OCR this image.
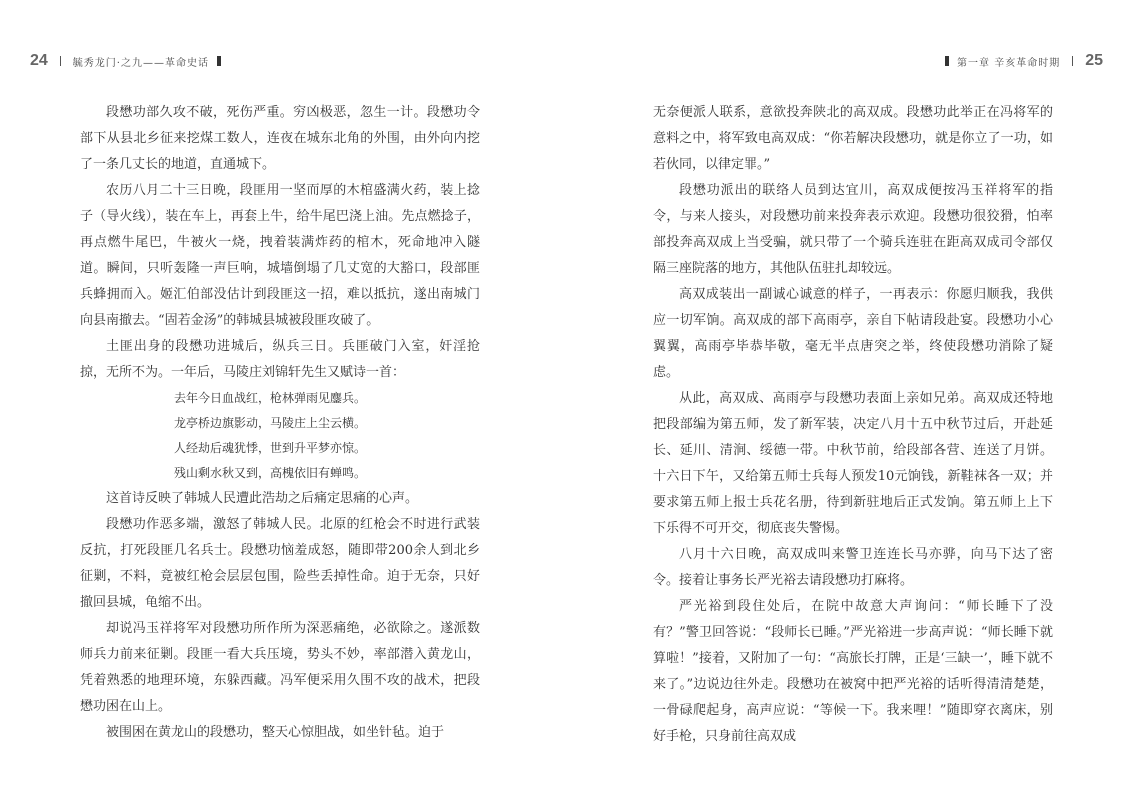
24	毓秀龙门·之九——革命史话	第一章 辛亥革命时期 25

段懋功部久攻不破，死伤严重。穷凶极恶，忽生一计。段懋功令部下从县北乡征来挖煤工数人，连夜在城东北角的外围，由外向内挖了一条几丈长的地道，直通城下。

农历八月二十三日晚，段匪用一坚而厚的木棺盛满火药，装上捻子（导火线），装在车上，再套上牛，给牛尾巴浇上油。先点燃捻子，再点燃牛尾巴，牛被火一烧，拽着装满炸药的棺木，死命地冲入隧道。瞬间，只听轰隆一声巨响，城墙倒塌了几丈宽的大豁口，段部匪兵蜂拥而入。姬汇伯部没估计到段匪这一招，难以抵抗，遂出南城门向县南撤去。“固若金汤”的韩城县城被段匪攻破了。

土匪出身的段懋功进城后，纵兵三日。兵匪破门入室，奸淫抢掠，无所不为。一年后，马陵庄刘锦轩先生又赋诗一首：

去年今日血战红，枪林弹雨见鏖兵。

龙亭桥边旗影动，马陵庄上尘云横。

人经劫后魂犹悸，世到升平梦亦惊。

残山剩水秋又到，高槐依旧有蝉鸣。

这首诗反映了韩城人民遭此浩劫之后痛定思痛的心声。

段懋功作恶多端，激怒了韩城人民。北原的红枪会不时进行武装反抗，打死段匪几名兵士。段懋功恼羞成怒，随即带200余人到北乡征剿，不料，竟被红枪会层层包围，险些丢掉性命。迫于无奈，只好撤回县城，龟缩不出。

却说冯玉祥将军对段懋功所作所为深恶痛绝，必欲除之。遂派数师兵力前来征剿。段匪一看大兵压境，势头不妙，率部潜入黄龙山，凭着熟悉的地理环境，东躲西藏。冯军便采用久围不攻的战术，把段懋功困在山上。

被围困在黄龙山的段懋功，整天心惊胆战，如坐针毡。迫于

无奈便派人联系，意欲投奔陕北的高双成。段懋功此举正在冯将军的意料之中，将军致电高双成：“你若解决段懋功，就是你立了一功，如若伙同，以律定罪。”

段懋功派出的联络人员到达宜川，高双成便按冯玉祥将军的指令，与来人接头，对段懋功前来投奔表示欢迎。段懋功很狡猾，怕率部投奔高双成上当受骗，就只带了一个骑兵连驻在距高双成司令部仅隔三座院落的地方，其他队伍驻扎却较远。

高双成装出一副诚心诚意的样子，一再表示：你愿归顺我，我供应一切军饷。高双成的部下高雨亭，亲自下帖请段赴宴。段懋功小心翼翼，高雨亭毕恭毕敬，毫无半点唐突之举，终使段懋功消除了疑虑。

从此，高双成、高雨亭与段懋功表面上亲如兄弟。高双成还特地把段部编为第五师，发了新军装，决定八月十五中秋节过后，开赴延长、延川、清涧、绥德一带。中秋节前，给段部各营、连送了月饼。十六日下午，又给第五师士兵每人预发10元饷钱，新鞋袜各一双；并要求第五师上报士兵花名册，待到新驻地后正式发饷。第五师上上下下乐得不可开交，彻底丧失警惕。

八月十六日晚，高双成叫来警卫连连长马亦骅，向马下达了密令。接着让事务长严光裕去请段懋功打麻将。

严光裕到段住处后，在院中故意大声询问：“师长睡下了没有？”警卫回答说：“段师长已睡。”严光裕进一步高声说：“师长睡下就算啦！”接着，又附加了一句：“高旅长打牌，正是‘三缺一’，睡下就不来了。”边说边往外走。段懋功在被窝中把严光裕的话听得清清楚楚，一骨碌爬起身，高声应说：“等候一下。我来哩！”随即穿衣离床，别好手枪，只身前往高双成
